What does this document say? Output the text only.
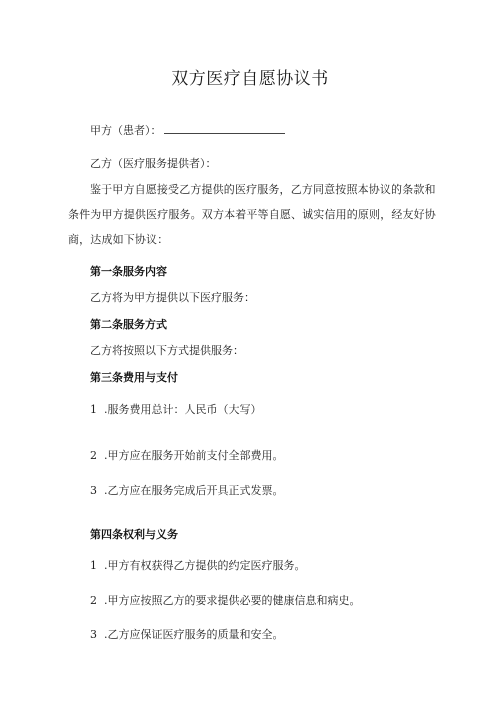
双方医疗自愿协议书
甲方（患者）：
乙方（医疗服务提供者）：
鉴于甲方自愿接受乙方提供的医疗服务，乙方同意按照本协议的条款和条件为甲方提供医疗服务。双方本着平等自愿、诚实信用的原则，经友好协商，达成如下协议：
第一条服务内容
乙方将为甲方提供以下医疗服务：
第二条服务方式
乙方将按照以下方式提供服务：
第三条费用与支付
1 .服务费用总计：人民币（大写）
2 .甲方应在服务开始前支付全部费用。
3 .乙方应在服务完成后开具正式发票。
第四条权利与义务
1 .甲方有权获得乙方提供的约定医疗服务。
2 .甲方应按照乙方的要求提供必要的健康信息和病史。
3 .乙方应保证医疗服务的质量和安全。
